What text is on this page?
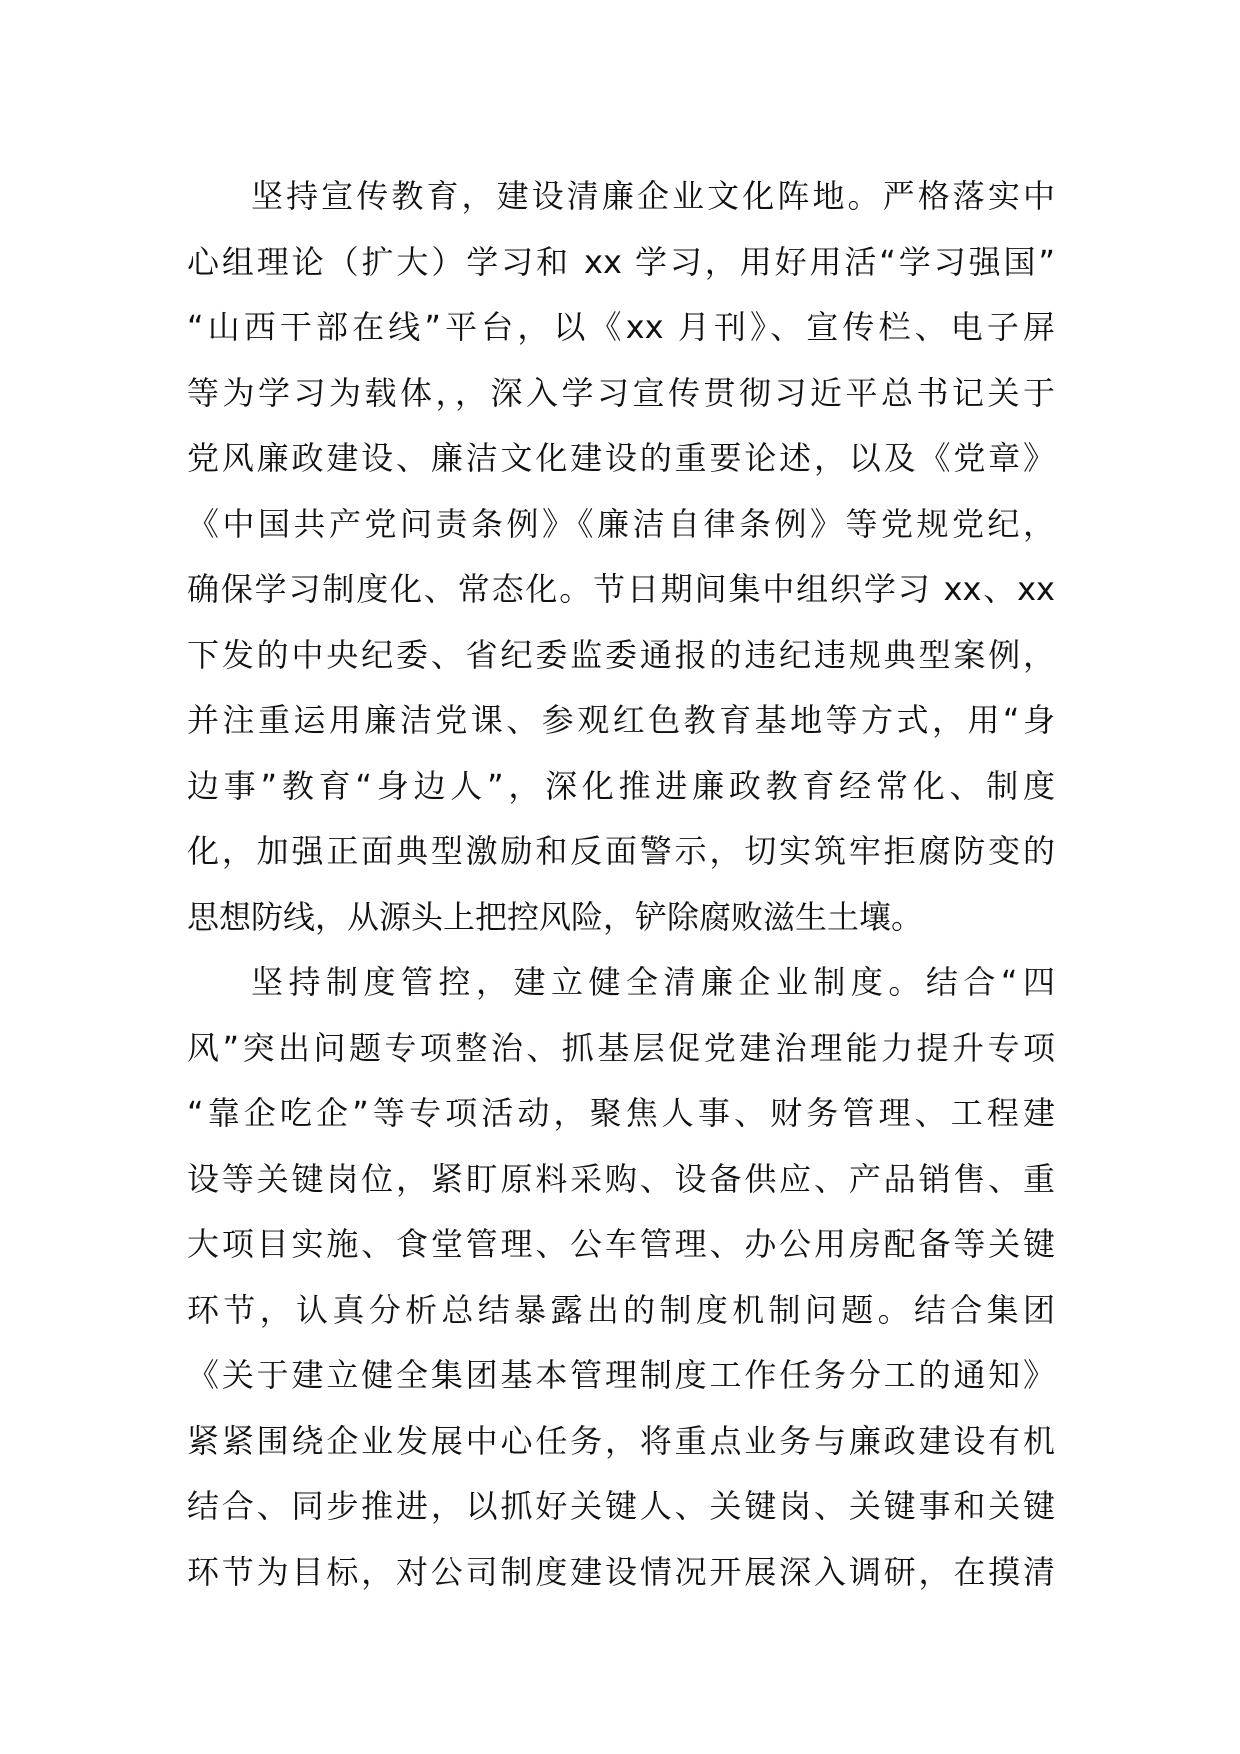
坚持宣传教育，建设清廉企业文化阵地。严格落实中
心组理论（扩大）学习和 xx 学习，用好用活“学习强国”
“山西干部在线”平台，以《xx 月刊》、宣传栏、电子屏
等为学习为载体，，深入学习宣传贯彻习近平总书记关于
党风廉政建设、廉洁文化建设的重要论述，以及《党章》
《中国共产党问责条例》《廉洁自律条例》等党规党纪，
确保学习制度化、常态化。节日期间集中组织学习 xx、xx
下发的中央纪委、省纪委监委通报的违纪违规典型案例，
并注重运用廉洁党课、参观红色教育基地等方式，用“身
边事”教育“身边人”，深化推进廉政教育经常化、制度
化，加强正面典型激励和反面警示，切实筑牢拒腐防变的
思想防线，从源头上把控风险，铲除腐败滋生土壤。
坚持制度管控，建立健全清廉企业制度。结合“四
风”突出问题专项整治、抓基层促党建治理能力提升专项
“靠企吃企”等专项活动，聚焦人事、财务管理、工程建
设等关键岗位，紧盯原料采购、设备供应、产品销售、重
大项目实施、食堂管理、公车管理、办公用房配备等关键
环节，认真分析总结暴露出的制度机制问题。结合集团
《关于建立健全集团基本管理制度工作任务分工的通知》
紧紧围绕企业发展中心任务，将重点业务与廉政建设有机
结合、同步推进，以抓好关键人、关键岗、关键事和关键
环节为目标，对公司制度建设情况开展深入调研，在摸清
